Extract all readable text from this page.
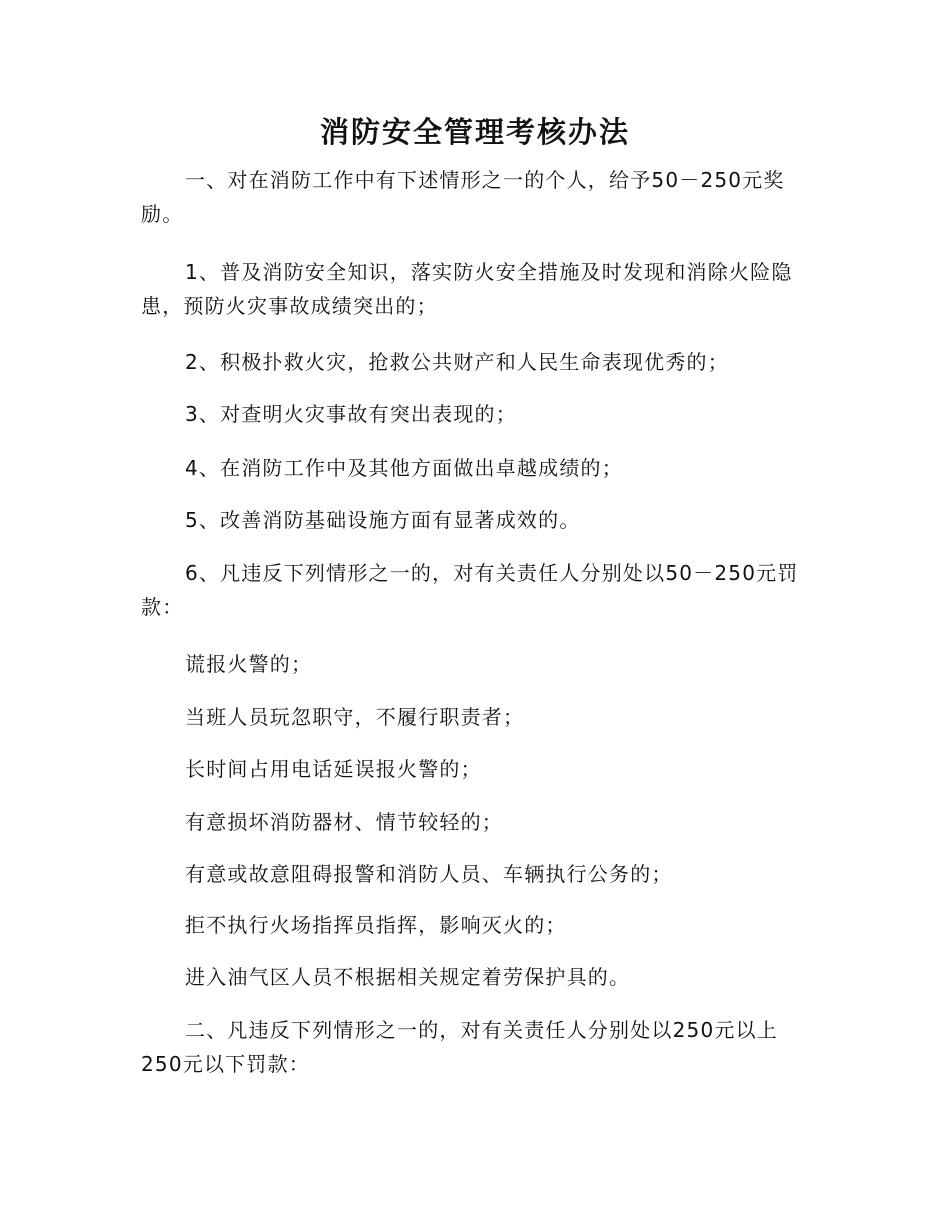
消防安全管理考核办法

一、对在消防工作中有下述情形之一的个人，给予50－250元奖
励。

1、普及消防安全知识，落实防火安全措施及时发现和消除火险隐
患，预防火灾事故成绩突出的；

2、积极扑救火灾，抢救公共财产和人民生命表现优秀的；

3、对查明火灾事故有突出表现的；

4、在消防工作中及其他方面做出卓越成绩的；

5、改善消防基础设施方面有显著成效的。

6、凡违反下列情形之一的，对有关责任人分别处以50－250元罚
款：

谎报火警的；

当班人员玩忽职守，不履行职责者；

长时间占用电话延误报火警的；

有意损坏消防器材、情节较轻的；

有意或故意阻碍报警和消防人员、车辆执行公务的；

拒不执行火场指挥员指挥，影响灭火的；

进入油气区人员不根据相关规定着劳保护具的。

二、凡违反下列情形之一的，对有关责任人分别处以250元以上
250元以下罚款：
